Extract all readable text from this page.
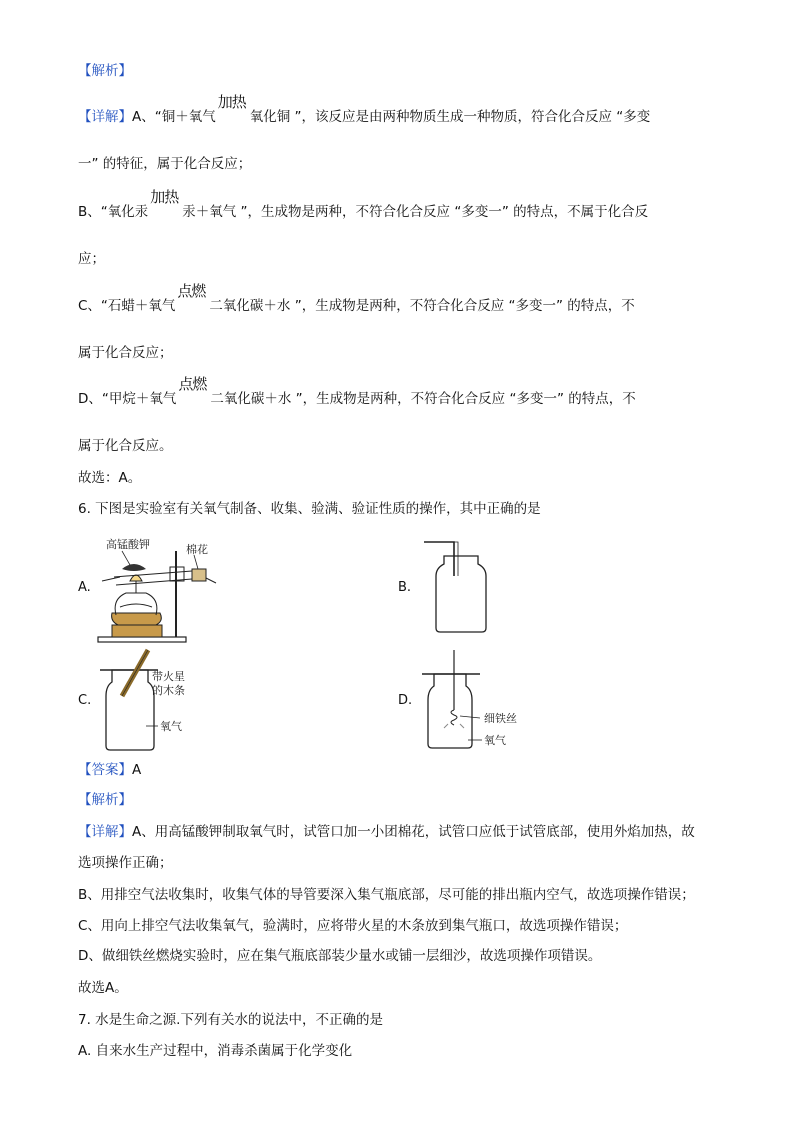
【解析】
【详解】A、“铜＋氧气
加热
氧化铜 ”，该反应是由两种物质生成一种物质，符合化合反应 “多变
一” 的特征，属于化合反应；
B、“氧化汞
加热
汞＋氧气 ”，生成物是两种，不符合化合反应 “多变一” 的特点，不属于化合反
应；
C、“石蜡＋氧气
点燃
二氧化碳＋水 ”，生成物是两种，不符合化合反应 “多变一” 的特点，不
属于化合反应；
D、“甲烷＋氧气
点燃
二氧化碳＋水 ”，生成物是两种，不符合化合反应 “多变一” 的特点，不
属于化合反应。
故选：A。
6. 下图是实验室有关氧气制备、收集、验满、验证性质的操作，其中正确的是
A.
高锰酸钾	棉花
B.
C.
带火星
的木条
氧气
D.
细铁丝
氧气
【答案】A
【解析】
【详解】A、用高锰酸钾制取氧气时，试管口加一小团棉花，试管口应低于试管底部，使用外焰加热，故
选项操作正确；
B、用排空气法收集时，收集气体的导管要深入集气瓶底部，尽可能的排出瓶内空气，故选项操作错误；
C、用向上排空气法收集氧气，验满时，应将带火星的木条放到集气瓶口，故选项操作错误；
D、做细铁丝燃烧实验时，应在集气瓶底部装少量水或铺一层细沙，故选项操作项错误。
故选A。
7. 水是生命之源.下列有关水的说法中，不正确的是
A. 自来水生产过程中，消毒杀菌属于化学变化
